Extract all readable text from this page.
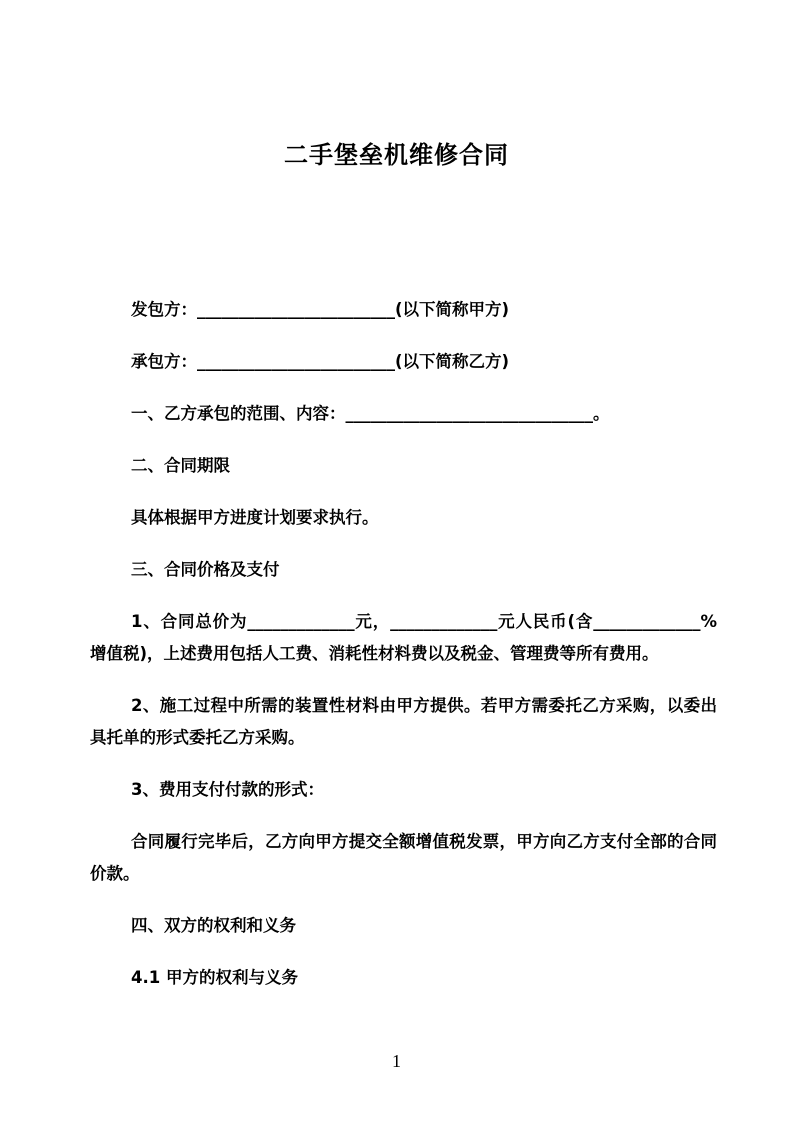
二手堡垒机维修合同

发包方：________________________(以下简称甲方)

承包方：________________________(以下简称乙方)

一、乙方承包的范围、内容：______________________________。

二、合同期限

具体根据甲方进度计划要求执行。

三、合同价格及支付

1、合同总价为_____________元，_____________元人民币(含_____________%增值税)，上述费用包括人工费、消耗性材料费以及税金、管理费等所有费用。

2、施工过程中所需的装置性材料由甲方提供。若甲方需委托乙方采购，以委出具托单的形式委托乙方采购。

3、费用支付付款的形式：

合同履行完毕后，乙方向甲方提交全额增值税发票，甲方向乙方支付全部的合同价款。

四、双方的权利和义务

4.1 甲方的权利与义务

1
